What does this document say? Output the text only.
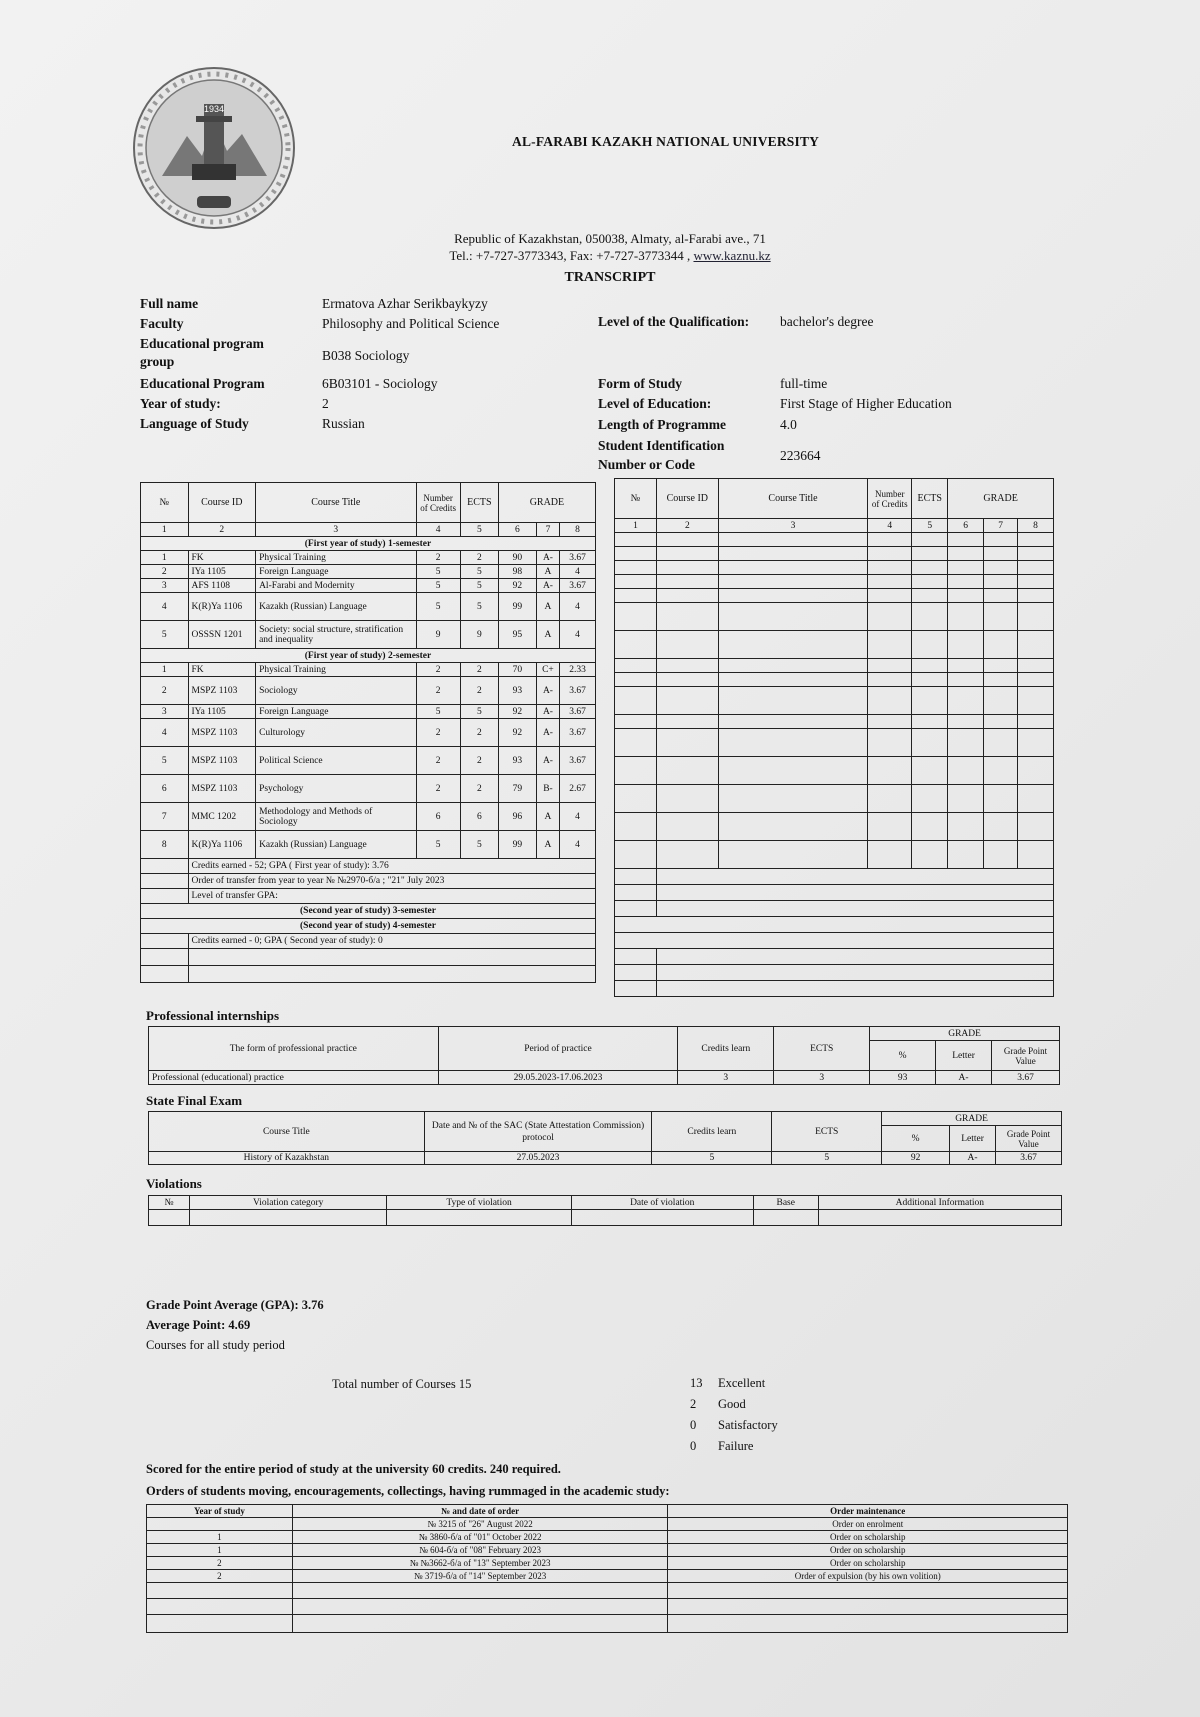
1934
AL-FARABI KAZAKH NATIONAL UNIVERSITY
Republic of Kazakhstan, 050038, Almaty, al-Farabi ave., 71
Tel.: +7-727-3773343, Fax: +7-727-3773344 , www.kaznu.kz
TRANSCRIPT
Full name	Ermatova Azhar Serikbaykyzy
Faculty	Philosophy and Political Science
Educational program
group	B038 Sociology
Educational Program	6B03101 - Sociology
Year of study:	2
Language of Study	Russian
Level of the Qualification: bachelor's degree
Form of Study	full-time
Level of Education:	First Stage of Higher Education
Length of Programme	4.0
Student Identification
Number or Code
223664
№	Course ID	Course Title	Number of Credits	ECTS	GRADE		
1	2	3	4	5	6	7	8
(First year of study) 1-semester							
1	FK	Physical Training	2	2	90	A-	3.67
2	IYa 1105	Foreign Language	5	5	98	A	4
3	AFS 1108	Al-Farabi and Modernity	5	5	92	A-	3.67
4	K(R)Ya 1106	Kazakh (Russian) Language	5	5	99	A	4
5	OSSSN 1201	Society: social structure, stratification and inequality	9	9	95	A	4
(First year of study) 2-semester							
1	FK	Physical Training	2	2	70	C+	2.33
2	MSPZ 1103	Sociology	2	2	93	A-	3.67
3	IYa 1105	Foreign Language	5	5	92	A-	3.67
4	MSPZ 1103	Culturology	2	2	92	A-	3.67
5	MSPZ 1103	Political Science	2	2	93	A-	3.67
6	MSPZ 1103	Psychology	2	2	79	B-	2.67
7	MMC 1202	Methodology and Methods of Sociology	6	6	96	A	4
8	K(R)Ya 1106	Kazakh (Russian) Language	5	5	99	A	4
	Credits earned - 52; GPA ( First year of study): 3.76						
	Order of transfer from year to year № №2970-б/а ; "21" July 2023						
	Level of transfer GPA:						
(Second year of study) 3-semester							
(Second year of study) 4-semester							
	Credits earned - 0; GPA ( Second year of study): 0						

№	Course ID	Course Title	Number of Credits	ECTS	GRADE		
1	2	3	4	5	6	7	8

Professional internships
The form of professional practice	Period of practice	Credits learn	ECTS	GRADE		
				%	Letter	Grade Point Value
Professional (educational) practice	29.05.2023-17.06.2023	3	3	93	A-	3.67
State Final Exam
Course Title	Date and № of the SAC (State Attestation Commission) protocol	Credits learn	ECTS	GRADE		
				%	Letter	Grade Point Value
History of Kazakhstan	27.05.2023	5	5	92	A-	3.67
Violations
№	Violation category	Type of violation	Date of violation	Base	Additional Information

Grade Point Average (GPA): 3.76
Average Point: 4.69
Courses for all study period
Total number of Courses 15	13 Excellent
2 Good
0 Satisfactory
0 Failure
Scored for the entire period of study at the university 60 credits. 240 required.
Orders of students moving, encouragements, collectings, having rummaged in the academic study:
Year of study	№ and date of order	Order maintenance
	№ 3215 of "26" August 2022	Order on enrolment
1	№ 3860-б/а of "01" October 2022	Order on scholarship
1	№ 604-б/а of "08" February 2023	Order on scholarship
2	№ №3662-б/а of "13" September 2023	Order on scholarship
2	№ 3719-б/а of "14" September 2023	Order of expulsion (by his own volition)
